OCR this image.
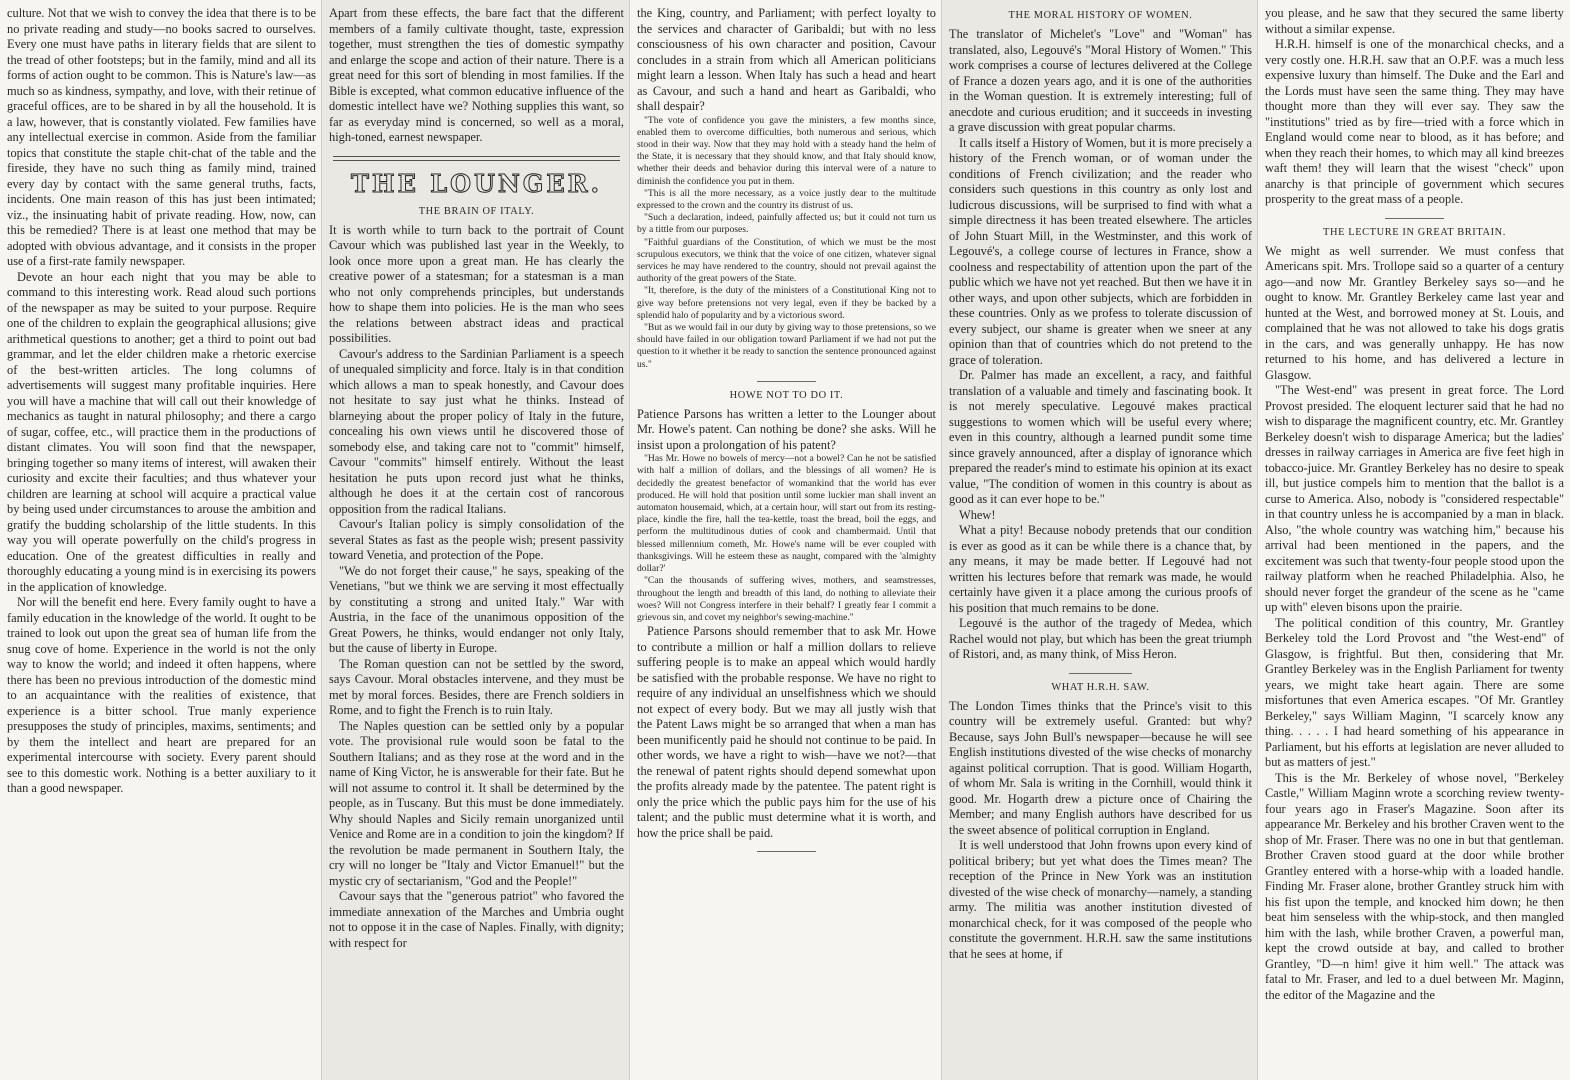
culture. Not that we wish to convey the idea that there is to be no private reading and study—no books sacred to ourselves. Every one must have paths in literary fields that are silent to the tread of other footsteps; but in the family, mind and all its forms of action ought to be common. This is Nature's law—as much so as kindness, sympathy, and love, with their retinue of graceful offices, are to be shared in by all the household. It is a law, however, that is constantly violated. Few families have any intellectual exercise in common. Aside from the familiar topics that constitute the staple chit-chat of the table and the fireside, they have no such thing as family mind, trained every day by contact with the same general truths, facts, incidents. One main reason of this has just been intimated; viz., the insinuating habit of private reading. How, now, can this be remedied? There is at least one method that may be adopted with obvious advantage, and it consists in the proper use of a first-rate family newspaper.

Devote an hour each night that you may be able to command to this interesting work. Read aloud such portions of the newspaper as may be suited to your purpose. Require one of the children to explain the geographical allusions; give arithmetical questions to another; get a third to point out bad grammar, and let the elder children make a rhetoric exercise of the best-written articles. The long columns of advertisements will suggest many profitable inquiries. Here you will have a machine that will call out their knowledge of mechanics as taught in natural philosophy; and there a cargo of sugar, coffee, etc., will practice them in the productions of distant climates. You will soon find that the newspaper, bringing together so many items of interest, will awaken their curiosity and excite their faculties; and thus whatever your children are learning at school will acquire a practical value by being used under circumstances to arouse the ambition and gratify the budding scholarship of the little students. In this way you will operate powerfully on the child's progress in education. One of the greatest difficulties in really and thoroughly educating a young mind is in exercising its powers in the application of knowledge.

Nor will the benefit end here. Every family ought to have a family education in the knowledge of the world. It ought to be trained to look out upon the great sea of human life from the snug cove of home. Experience in the world is not the only way to know the world; and indeed it often happens, where there has been no previous introduction of the domestic mind to an acquaintance with the realities of existence, that experience is a bitter school. True manly experience presupposes the study of principles, maxims, sentiments; and by them the intellect and heart are prepared for an experimental intercourse with society. Every parent should see to this domestic work. Nothing is a better auxiliary to it than a good newspaper.

Apart from these effects, the bare fact that the different members of a family cultivate thought, taste, expression together, must strengthen the ties of domestic sympathy and enlarge the scope and action of their nature. There is a great need for this sort of blending in most families. If the Bible is excepted, what common educative influence of the domestic intellect have we? Nothing supplies this want, so far as everyday mind is concerned, so well as a moral, high-toned, earnest newspaper.

THE LOUNGER.
THE BRAIN OF ITALY.

It is worth while to turn back to the portrait of Count Cavour which was published last year in the Weekly, to look once more upon a great man. He has clearly the creative power of a statesman; for a statesman is a man who not only comprehends principles, but understands how to shape them into policies. He is the man who sees the relations between abstract ideas and practical possibilities.

Cavour's address to the Sardinian Parliament is a speech of unequaled simplicity and force. Italy is in that condition which allows a man to speak honestly, and Cavour does not hesitate to say just what he thinks. Instead of blarneying about the proper policy of Italy in the future, concealing his own views until he discovered those of somebody else, and taking care not to "commit" himself, Cavour "commits" himself entirely. Without the least hesitation he puts upon record just what he thinks, although he does it at the certain cost of rancorous opposition from the radical Italians.

Cavour's Italian policy is simply consolidation of the several States as fast as the people wish; present passivity toward Venetia, and protection of the Pope.

"We do not forget their cause," he says, speaking of the Venetians, "but we think we are serving it most effectually by constituting a strong and united Italy." War with Austria, in the face of the unanimous opposition of the Great Powers, he thinks, would endanger not only Italy, but the cause of liberty in Europe.

The Roman question can not be settled by the sword, says Cavour. Moral obstacles intervene, and they must be met by moral forces. Besides, there are French soldiers in Rome, and to fight the French is to ruin Italy.

The Naples question can be settled only by a popular vote. The provisional rule would soon be fatal to the Southern Italians; and as they rose at the word and in the name of King Victor, he is answerable for their fate. But he will not assume to control it. It shall be determined by the people, as in Tuscany. But this must be done immediately. Why should Naples and Sicily remain unorganized until Venice and Rome are in a condition to join the kingdom? If the revolution be made permanent in Southern Italy, the cry will no longer be "Italy and Victor Emanuel!" but the mystic cry of sectarianism, "God and the People!"

Cavour says that the "generous patriot" who favored the immediate annexation of the Marches and Umbria ought not to oppose it in the case of Naples. Finally, with dignity; with respect for

the King, country, and Parliament; with perfect loyalty to the services and character of Garibaldi; but with no less consciousness of his own character and position, Cavour concludes in a strain from which all American politicians might learn a lesson. When Italy has such a head and heart as Cavour, and such a hand and heart as Garibaldi, who shall despair?

"The vote of confidence you gave the ministers, a few months since, enabled them to overcome difficulties, both numerous and serious, which stood in their way. Now that they may hold with a steady hand the helm of the State, it is necessary that they should know, and that Italy should know, whether their deeds and behavior during this interval were of a nature to diminish the confidence you put in them.

"This is all the more necessary, as a voice justly dear to the multitude expressed to the crown and the country its distrust of us.

"Such a declaration, indeed, painfully affected us; but it could not turn us by a tittle from our purposes.

"Faithful guardians of the Constitution, of which we must be the most scrupulous executors, we think that the voice of one citizen, whatever signal services he may have rendered to the country, should not prevail against the authority of the great powers of the State.

"It, therefore, is the duty of the ministers of a Constitutional King not to give way before pretensions not very legal, even if they be backed by a splendid halo of popularity and by a victorious sword.

"But as we would fail in our duty by giving way to those pretensions, so we should have failed in our obligation toward Parliament if we had not put the question to it whether it be ready to sanction the sentence pronounced against us."

HOWE NOT TO DO IT.

Patience Parsons has written a letter to the Lounger about Mr. Howe's patent. Can nothing be done? she asks. Will he insist upon a prolongation of his patent?

"Has Mr. Howe no bowels of mercy—not a bowel? Can he not be satisfied with half a million of dollars, and the blessings of all women? He is decidedly the greatest benefactor of womankind that the world has ever produced. He will hold that position until some luckier man shall invent an automaton housemaid, which, at a certain hour, will start out from its resting-place, kindle the fire, hall the tea-kettle, toast the bread, boil the eggs, and perform the multitudinous duties of cook and chambermaid. Until that blessed millennium cometh, Mr. Howe's name will be ever coupled with thanksgivings. Will he esteem these as naught, compared with the 'almighty dollar?'

"Can the thousands of suffering wives, mothers, and seamstresses, throughout the length and breadth of this land, do nothing to alleviate their woes? Will not Congress interfere in their behalf? I greatly fear I commit a grievous sin, and covet my neighbor's sewing-machine."

Patience Parsons should remember that to ask Mr. Howe to contribute a million or half a million dollars to relieve suffering people is to make an appeal which would hardly be satisfied with the probable response. We have no right to require of any individual an unselfishness which we should not expect of every body. But we may all justly wish that the Patent Laws might be so arranged that when a man has been munificently paid he should not continue to be paid. In other words, we have a right to wish—have we not?—that the renewal of patent rights should depend somewhat upon the profits already made by the patentee. The patent right is only the price which the public pays him for the use of his talent; and the public must determine what it is worth, and how the price shall be paid.

THE MORAL HISTORY OF WOMEN.

The translator of Michelet's "Love" and "Woman" has translated, also, Legouvé's "Moral History of Women." This work comprises a course of lectures delivered at the College of France a dozen years ago, and it is one of the authorities in the Woman question. It is extremely interesting; full of anecdote and curious erudition; and it succeeds in investing a grave discussion with great popular charms.

It calls itself a History of Women, but it is more precisely a history of the French woman, or of woman under the conditions of French civilization; and the reader who considers such questions in this country as only lost and ludicrous discussions, will be surprised to find with what a simple directness it has been treated elsewhere. The articles of John Stuart Mill, in the Westminster, and this work of Legouvé's, a college course of lectures in France, show a coolness and respectability of attention upon the part of the public which we have not yet reached. But then we have it in other ways, and upon other subjects, which are forbidden in these countries. Only as we profess to tolerate discussion of every subject, our shame is greater when we sneer at any opinion than that of countries which do not pretend to the grace of toleration.

Dr. Palmer has made an excellent, a racy, and faithful translation of a valuable and timely and fascinating book. It is not merely speculative. Legouvé makes practical suggestions to women which will be useful every where; even in this country, although a learned pundit some time since gravely announced, after a display of ignorance which prepared the reader's mind to estimate his opinion at its exact value, "The condition of women in this country is about as good as it can ever hope to be."

Whew!

What a pity! Because nobody pretends that our condition is ever as good as it can be while there is a chance that, by any means, it may be made better. If Legouvé had not written his lectures before that remark was made, he would certainly have given it a place among the curious proofs of his position that much remains to be done.

Legouvé is the author of the tragedy of Medea, which Rachel would not play, but which has been the great triumph of Ristori, and, as many think, of Miss Heron.

WHAT H.R.H. SAW.

The London Times thinks that the Prince's visit to this country will be extremely useful. Granted: but why? Because, says John Bull's newspaper—because he will see English institutions divested of the wise checks of monarchy against political corruption. That is good. William Hogarth, of whom Mr. Sala is writing in the Cornhill, would think it good. Mr. Hogarth drew a picture once of Chairing the Member; and many English authors have described for us the sweet absence of political corruption in England.

It is well understood that John frowns upon every kind of political bribery; but yet what does the Times mean? The reception of the Prince in New York was an institution divested of the wise check of monarchy—namely, a standing army. The militia was another institution divested of monarchical check, for it was composed of the people who constitute the government. H.R.H. saw the same institutions that he sees at home, if

you please, and he saw that they secured the same liberty without a similar expense.

H.R.H. himself is one of the monarchical checks, and a very costly one. H.R.H. saw that an O.P.F. was a much less expensive luxury than himself. The Duke and the Earl and the Lords must have seen the same thing. They may have thought more than they will ever say. They saw the "institutions" tried as by fire—tried with a force which in England would come near to blood, as it has before; and when they reach their homes, to which may all kind breezes waft them! they will learn that the wisest "check" upon anarchy is that principle of government which secures prosperity to the great mass of a people.

THE LECTURE IN GREAT BRITAIN.

We might as well surrender. We must confess that Americans spit. Mrs. Trollope said so a quarter of a century ago—and now Mr. Grantley Berkeley says so—and he ought to know. Mr. Grantley Berkeley came last year and hunted at the West, and borrowed money at St. Louis, and complained that he was not allowed to take his dogs gratis in the cars, and was generally unhappy. He has now returned to his home, and has delivered a lecture in Glasgow.

"The West-end" was present in great force. The Lord Provost presided. The eloquent lecturer said that he had no wish to disparage the magnificent country, etc. Mr. Grantley Berkeley doesn't wish to disparage America; but the ladies' dresses in railway carriages in America are five feet high in tobacco-juice. Mr. Grantley Berkeley has no desire to speak ill, but justice compels him to mention that the ballot is a curse to America. Also, nobody is "considered respectable" in that country unless he is accompanied by a man in black. Also, "the whole country was watching him," because his arrival had been mentioned in the papers, and the excitement was such that twenty-four people stood upon the railway platform when he reached Philadelphia. Also, he should never forget the grandeur of the scene as he "came up with" eleven bisons upon the prairie.

The political condition of this country, Mr. Grantley Berkeley told the Lord Provost and "the West-end" of Glasgow, is frightful. But then, considering that Mr. Grantley Berkeley was in the English Parliament for twenty years, we might take heart again. There are some misfortunes that even America escapes. "Of Mr. Grantley Berkeley," says William Maginn, "I scarcely know any thing. . . . . I had heard something of his appearance in Parliament, but his efforts at legislation are never alluded to but as matters of jest."

This is the Mr. Berkeley of whose novel, "Berkeley Castle," William Maginn wrote a scorching review twenty-four years ago in Fraser's Magazine. Soon after its appearance Mr. Berkeley and his brother Craven went to the shop of Mr. Fraser. There was no one in but that gentleman. Brother Craven stood guard at the door while brother Grantley entered with a horse-whip with a loaded handle. Finding Mr. Fraser alone, brother Grantley struck him with his fist upon the temple, and knocked him down; he then beat him senseless with the whip-stock, and then mangled him with the lash, while brother Craven, a powerful man, kept the crowd outside at bay, and called to brother Grantley, "D—n him! give it him well." The attack was fatal to Mr. Fraser, and led to a duel between Mr. Maginn, the editor of the Magazine and the
